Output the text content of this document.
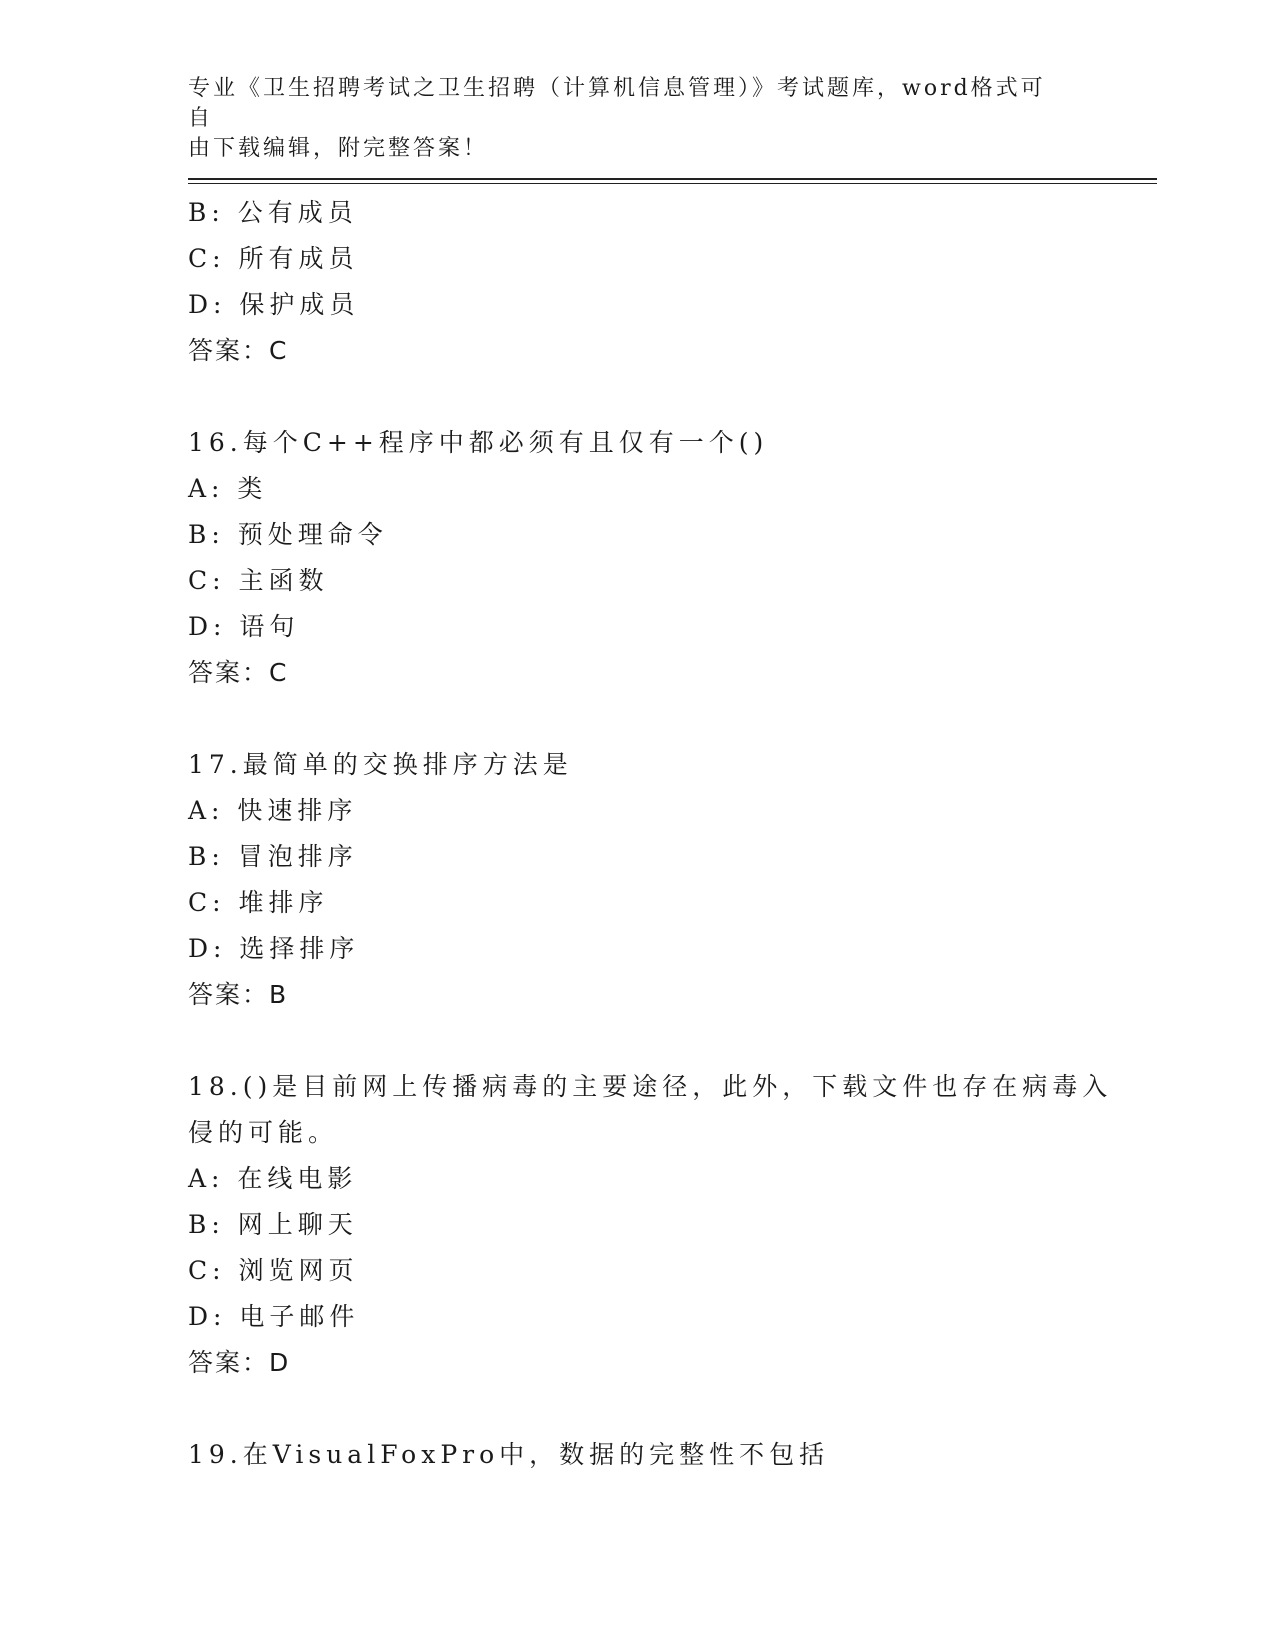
专业《卫生招聘考试之卫生招聘（计算机信息管理）》考试题库，word格式可自
由下载编辑，附完整答案！
B: 公有成员
C: 所有成员
D: 保护成员
答案：C
16.每个C++程序中都必须有且仅有一个()
A: 类
B: 预处理命令
C: 主函数
D: 语句
答案：C
17.最简单的交换排序方法是
A: 快速排序
B: 冒泡排序
C: 堆排序
D: 选择排序
答案：B
18.()是目前网上传播病毒的主要途径，此外，下载文件也存在病毒入
侵的可能。
A: 在线电影
B: 网上聊天
C: 浏览网页
D: 电子邮件
答案：D
19.在VisualFoxPro中，数据的完整性不包括
